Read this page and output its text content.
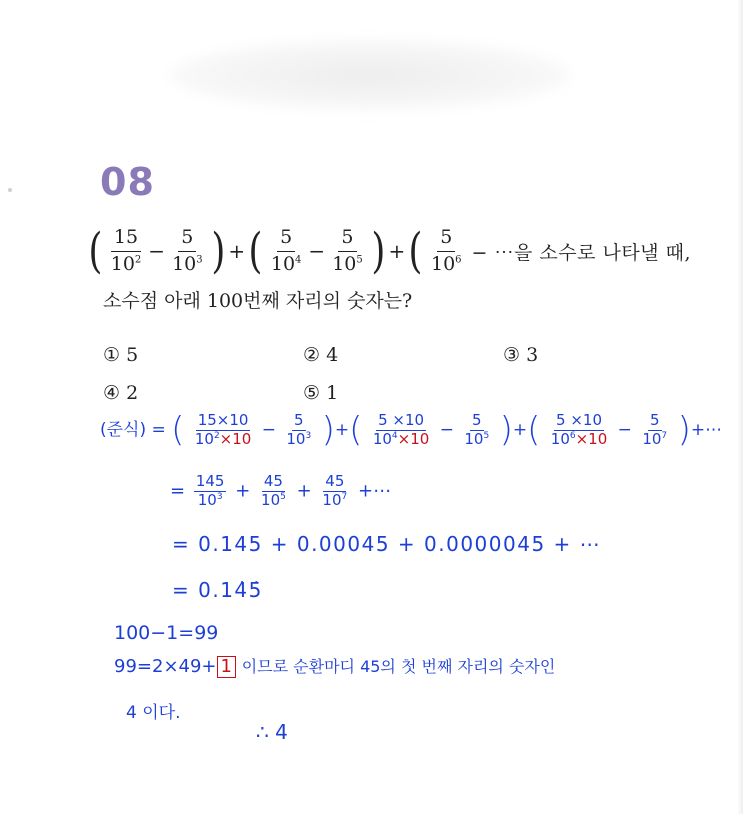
08
( $\frac{15}{10^2} - \frac{5}{10^3}$ ) + ( $\frac{5}{10^4} - \frac{5}{10^5}$ ) + ( $\frac{5}{10^6}$ − ⋯을 소수로 나타낼 때,
소수점 아래 100번째 자리의 숫자는?
① 5	② 4	③ 3
④ 2	⑤ 1
(준식) = ( $\frac{15\times 10}{10^2\times 10} - \frac{5}{10^3}$ )+( $\frac{5 \times 10}{10^4\times 10} - \frac{5}{10^5}$ )+( $\frac{5 \times 10}{10^6\times 10} - \frac{5}{10^7}$ )+⋯
= $\frac{145}{10^3} + \frac{45}{10^5} + \frac{45}{10^7}$ +⋯
= 0.145 + 0.00045 + 0.0000045 + ⋯
= 0.14̇5̇
100−1=99
99=2×49+ 1 이므로 순환마디 45의 첫 번째 자리의 숫자인
4 이다.
∴ 4
